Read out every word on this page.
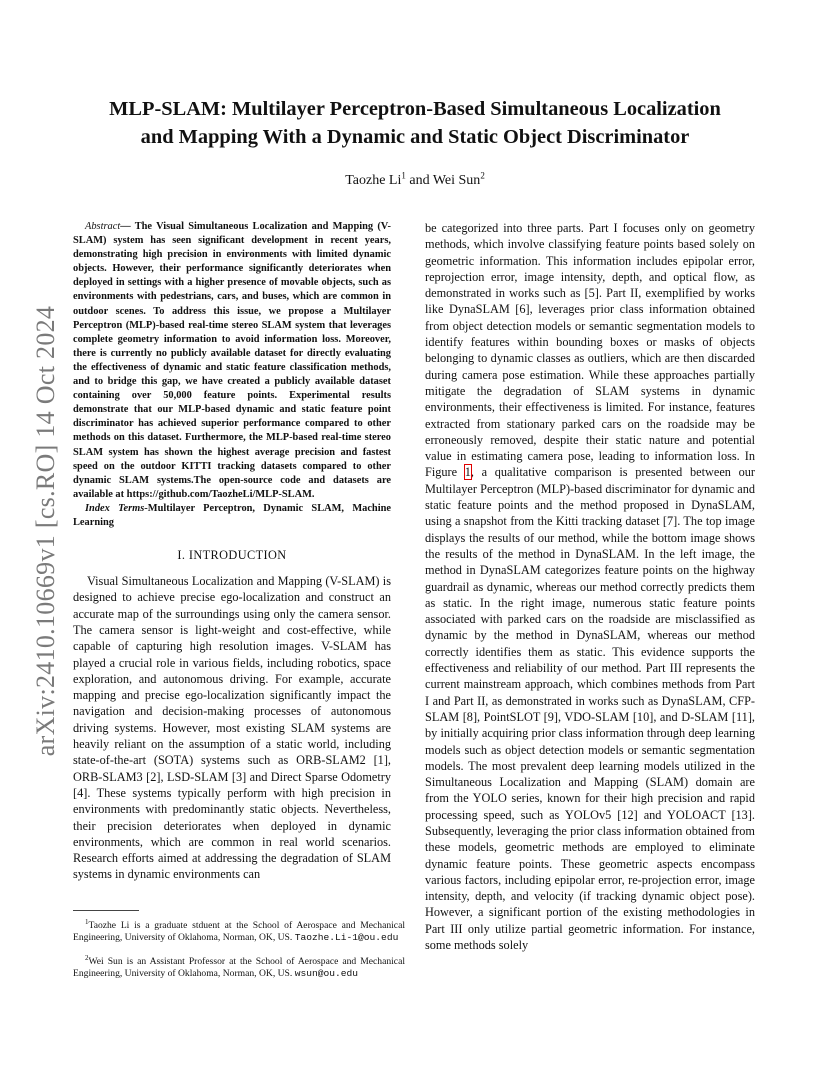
arXiv:2410.10669v1 [cs.RO] 14 Oct 2024
MLP-SLAM: Multilayer Perceptron-Based Simultaneous Localization
and Mapping With a Dynamic and Static Object Discriminator
Taozhe Li$^1$ and Wei Sun$^2$

Abstract— The Visual Simultaneous Localization and Mapping (V-SLAM) system has seen significant development in recent years, demonstrating high precision in environments with limited dynamic objects. However, their performance significantly deteriorates when deployed in settings with a higher presence of movable objects, such as environments with pedestrians, cars, and buses, which are common in outdoor scenes. To address this issue, we propose a Multilayer Perceptron (MLP)-based real-time stereo SLAM system that leverages complete geometry information to avoid information loss. Moreover, there is currently no publicly available dataset for directly evaluating the effectiveness of dynamic and static feature classification methods, and to bridge this gap, we have created a publicly available dataset containing over 50,000 feature points. Experimental results demonstrate that our MLP-based dynamic and static feature point discriminator has achieved superior performance compared to other methods on this dataset. Furthermore, the MLP-based real-time stereo SLAM system has shown the highest average precision and fastest speed on the outdoor KITTI tracking datasets compared to other dynamic SLAM systems.The open-source code and datasets are available at https://github.com/TaozheLi/MLP-SLAM.

Index Terms-Multilayer Perceptron, Dynamic SLAM, Machine Learning

I. INTRODUCTION

Visual Simultaneous Localization and Mapping (V-SLAM) is designed to achieve precise ego-localization and construct an accurate map of the surroundings using only the camera sensor. The camera sensor is light-weight and cost-effective, while capable of capturing high resolution images. V-SLAM has played a crucial role in various fields, including robotics, space exploration, and autonomous driving. For example, accurate mapping and precise ego-localization significantly impact the navigation and decision-making processes of autonomous driving systems. However, most existing SLAM systems are heavily reliant on the assumption of a static world, including state-of-the-art (SOTA) systems such as ORB-SLAM2 [1], ORB-SLAM3 [2], LSD-SLAM [3] and Direct Sparse Odometry [4]. These systems typically perform with high precision in environments with predominantly static objects. Nevertheless, their precision deteriorates when deployed in dynamic environments, which are common in real world scenarios. Research efforts aimed at addressing the degradation of SLAM systems in dynamic environments can

be categorized into three parts. Part I focuses only on geometry methods, which involve classifying feature points based solely on geometric information. This information includes epipolar error, reprojection error, image intensity, depth, and optical flow, as demonstrated in works such as [5]. Part II, exemplified by works like DynaSLAM [6], leverages prior class information obtained from object detection models or semantic segmentation models to identify features within bounding boxes or masks of objects belonging to dynamic classes as outliers, which are then discarded during camera pose estimation. While these approaches partially mitigate the degradation of SLAM systems in dynamic environments, their effectiveness is limited. For instance, features extracted from stationary parked cars on the roadside may be erroneously removed, despite their static nature and potential value in estimating camera pose, leading to information loss. In Figure 1, a qualitative comparison is presented between our Multilayer Perceptron (MLP)-based discriminator for dynamic and static feature points and the method proposed in DynaSLAM, using a snapshot from the Kitti tracking dataset [7]. The top image displays the results of our method, while the bottom image shows the results of the method in DynaSLAM. In the left image, the method in DynaSLAM categorizes feature points on the highway guardrail as dynamic, whereas our method correctly predicts them as static. In the right image, numerous static feature points associated with parked cars on the roadside are misclassified as dynamic by the method in DynaSLAM, whereas our method correctly identifies them as static. This evidence supports the effectiveness and reliability of our method. Part III represents the current mainstream approach, which combines methods from Part I and Part II, as demonstrated in works such as DynaSLAM, CFP-SLAM [8], PointSLOT [9], VDO-SLAM [10], and D-SLAM [11], by initially acquiring prior class information through deep learning models such as object detection models or semantic segmentation models. The most prevalent deep learning models utilized in the Simultaneous Localization and Mapping (SLAM) domain are from the YOLO series, known for their high precision and rapid processing speed, such as YOLOv5 [12] and YOLOACT [13]. Subsequently, leveraging the prior class information obtained from these models, geometric methods are employed to eliminate dynamic feature points. These geometric aspects encompass various factors, including epipolar error, re-projection error, image intensity, depth, and velocity (if tracking dynamic object pose). However, a significant portion of the existing methodologies in Part III only utilize partial geometric information. For instance, some methods solely

$^1$Taozhe Li is a graduate stduent at the School of Aerospace and Mechanical Engineering, University of Oklahoma, Norman, OK, US. Taozhe.Li-1@ou.edu
$^2$Wei Sun is an Assistant Professor at the School of Aerospace and Mechanical Engineering, University of Oklahoma, Norman, OK, US. wsun@ou.edu
